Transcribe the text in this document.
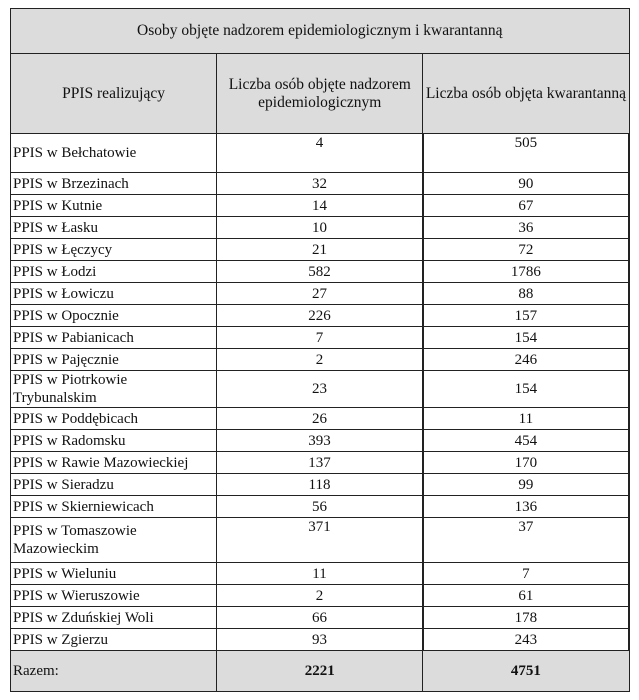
Osoby objęte nadzorem epidemiologicznym i kwarantanną		
PPIS realizujący	Liczba osób objęte nadzorem epidemiologicznym	Liczba osób objęta kwarantanną
PPIS w Bełchatowie	4	505
PPIS w Brzezinach	32	90
PPIS w Kutnie	14	67
PPIS w Łasku	10	36
PPIS w Łęczycy	21	72
PPIS w Łodzi	582	1786
PPIS w Łowiczu	27	88
PPIS w Opocznie	226	157
PPIS w Pabianicach	7	154
PPIS w Pajęcznie	2	246
PPIS w Piotrkowie Trybunalskim	23	154
PPIS w Poddębicach	26	11
PPIS w Radomsku	393	454
PPIS w Rawie Mazowieckiej	137	170
PPIS w Sieradzu	118	99
PPIS w Skierniewicach	56	136
PPIS w Tomaszowie Mazowieckim	371	37
PPIS w Wieluniu	11	7
PPIS w Wieruszowie	2	61
PPIS w Zduńskiej Woli	66	178
PPIS w Zgierzu	93	243
Razem:	2221	4751
